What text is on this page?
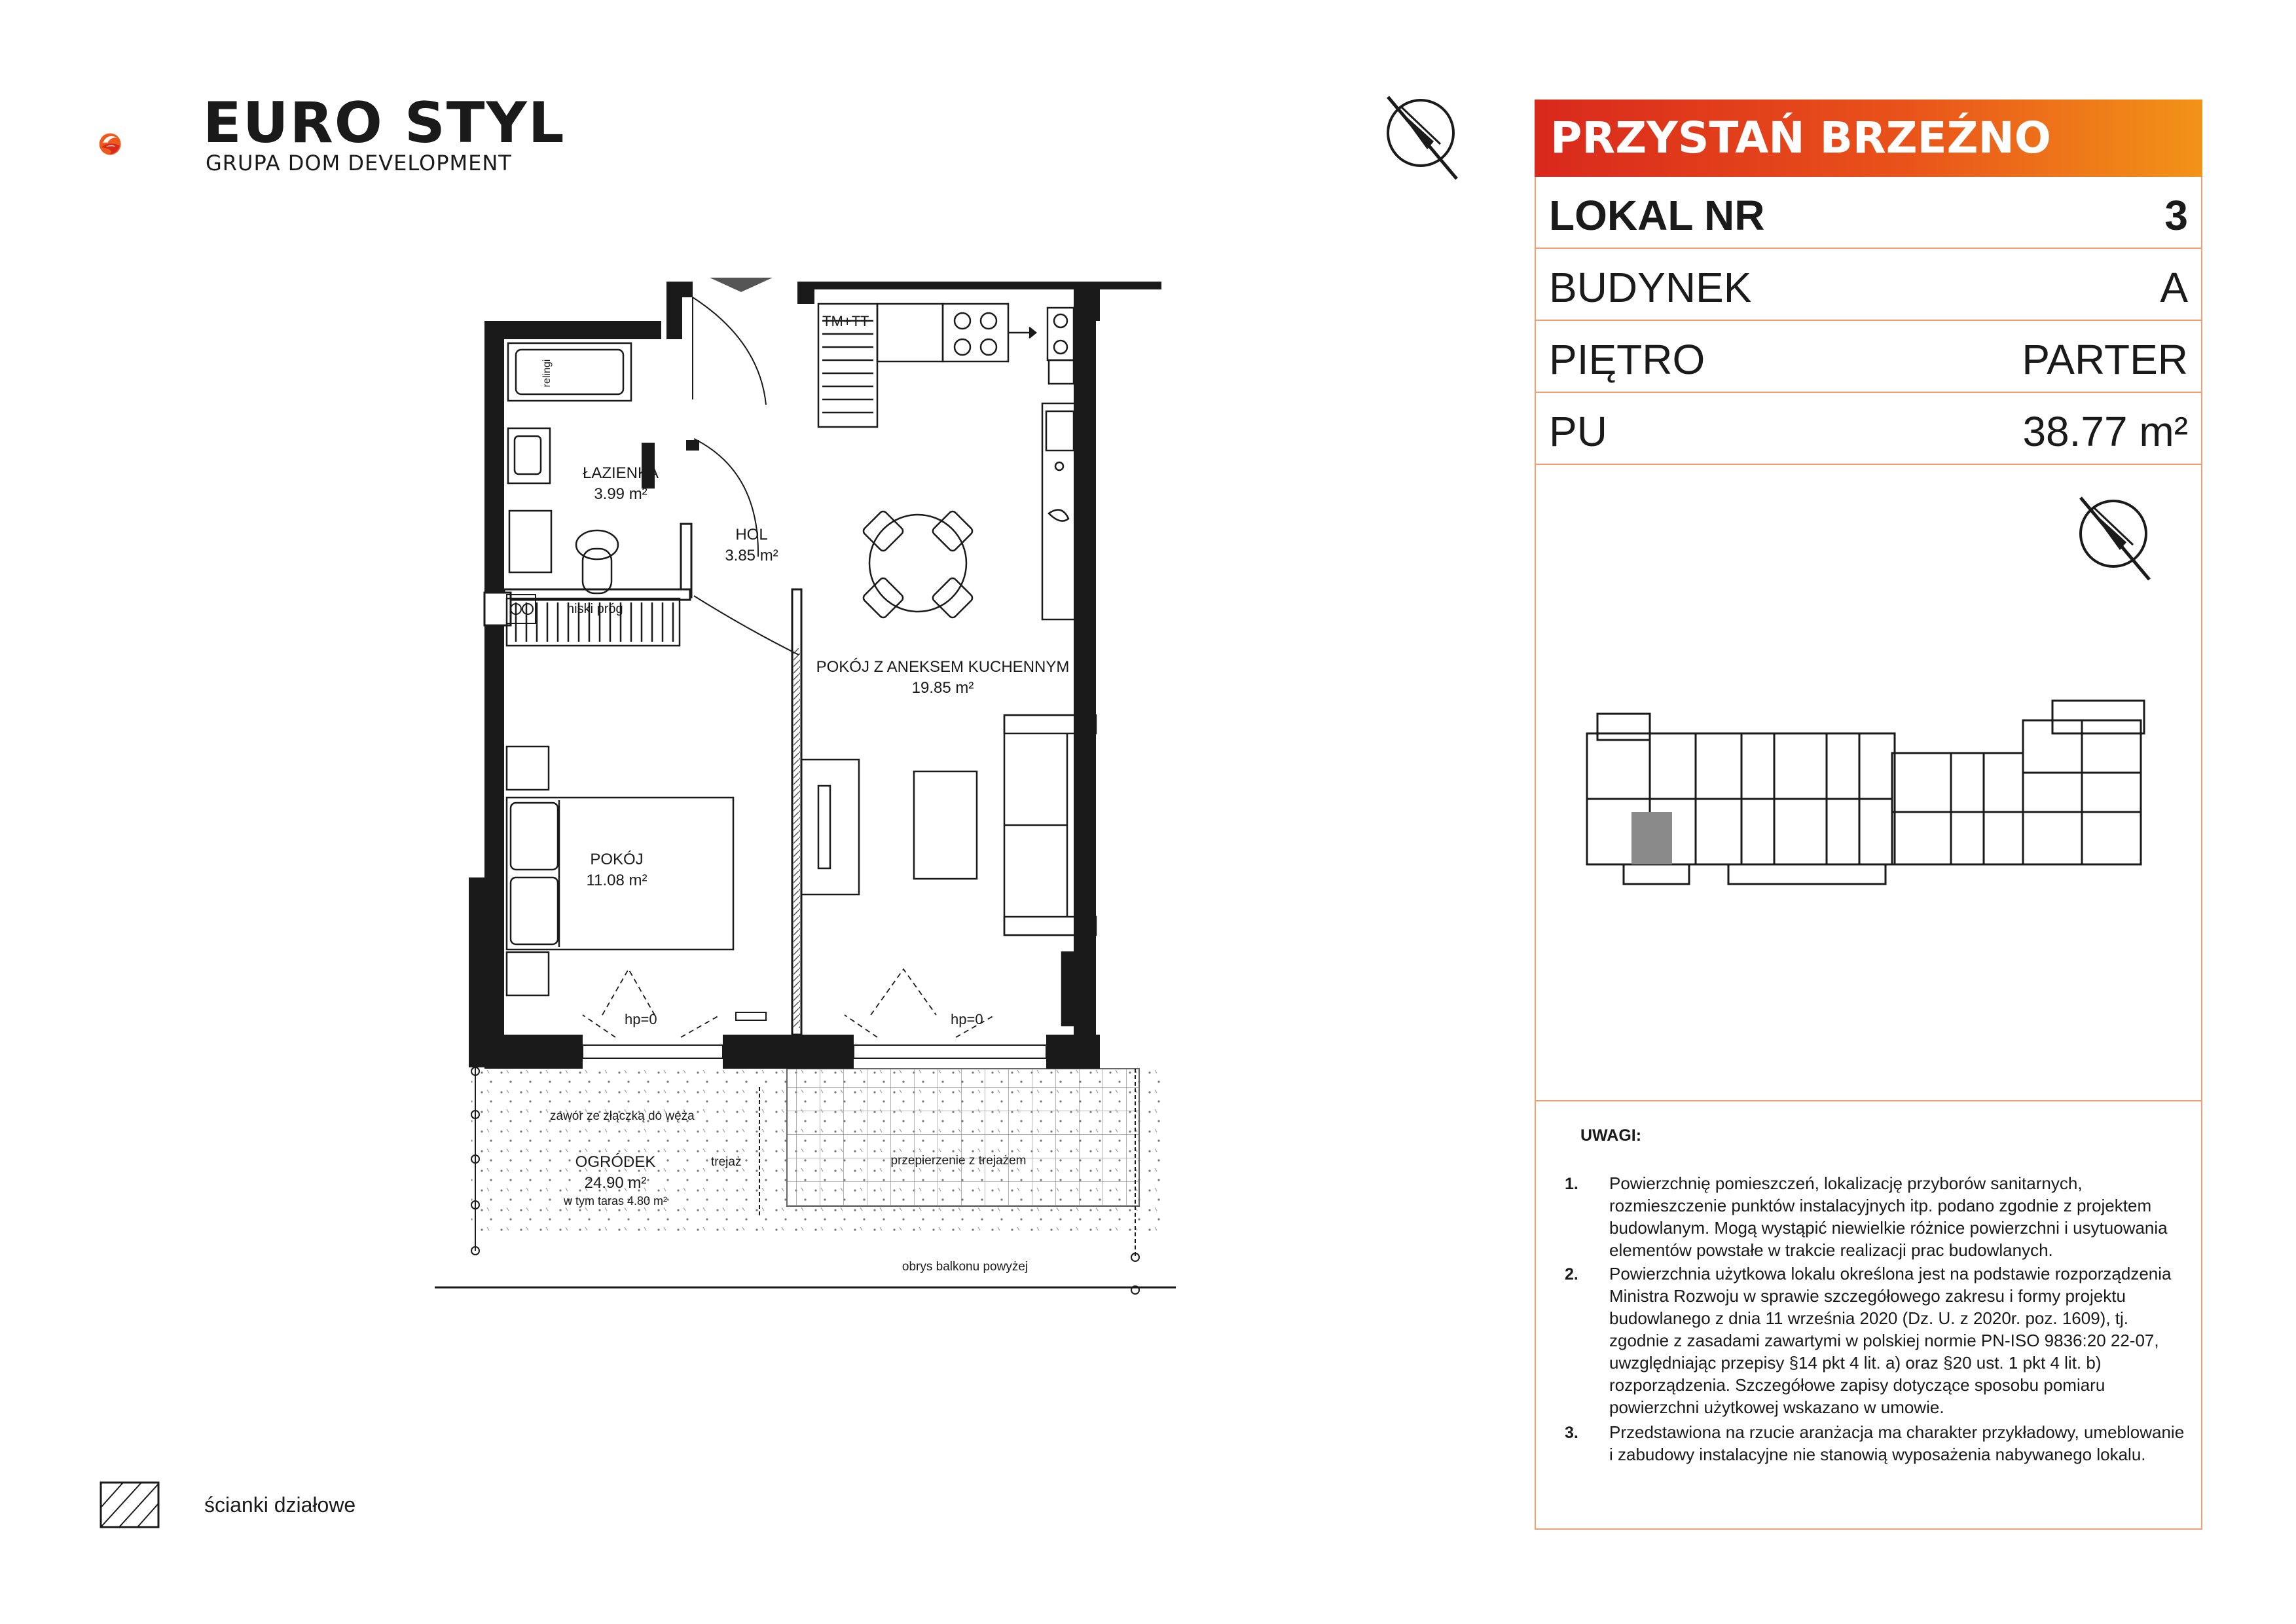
EURO STYL
GRUPA DOM DEVELOPMENT	PRZYSTAŃ BRZEŹNO
LOKAL NR	3
BUDYNEK	A
PIĘTRO	PARTER
PU	38.77 m²
UWAGI:
1. Powierzchnię pomieszczeń, lokalizację przyborów sanitarnych, rozmieszczenie punktów instalacyjnych itp. podano zgodnie z projektem budowlanym. Mogą wystąpić niewielkie różnice powierzchni i usytuowania elementów powstałe w trakcie realizacji prac budowlanych.
2. Powierzchnia użytkowa lokalu określona jest na podstawie rozporządzenia Ministra Rozwoju w sprawie szczegółowego zakresu i formy projektu budowlanego z dnia 11 września 2020 (Dz. U. z 2020r. poz. 1609), tj. zgodnie z zasadami zawartymi w polskiej normie PN-ISO 9836:20 22-07, uwzględniając przepisy §14 pkt 4 lit. a) oraz §20 ust. 1 pkt 4 lit. b) rozporządzenia. Szczegółowe zapisy dotyczące sposobu pomiaru powierzchni użytkowej wskazano w umowie.
3. Przedstawiona na rzucie aranżacja ma charakter przykładowy, umeblowanie i zabudowy instalacyjne nie stanowią wyposażenia nabywanego lokalu.
ścianki działowe
ŁAZIENKA
3.99 m²
HOL
3.85 m²
POKÓJ Z ANEKSEM KUCHENNYM
19.85 m²
POKÓJ
11.08 m²
OGRÓDEK
24.90 m²
w tym taras 4.80 m²
niski próg
TM+TT
hp=0	hp=0
zawór ze złączką do węża
trejaż	przepierzenie z trejażem
obrys balkonu powyżej
relingi
W
